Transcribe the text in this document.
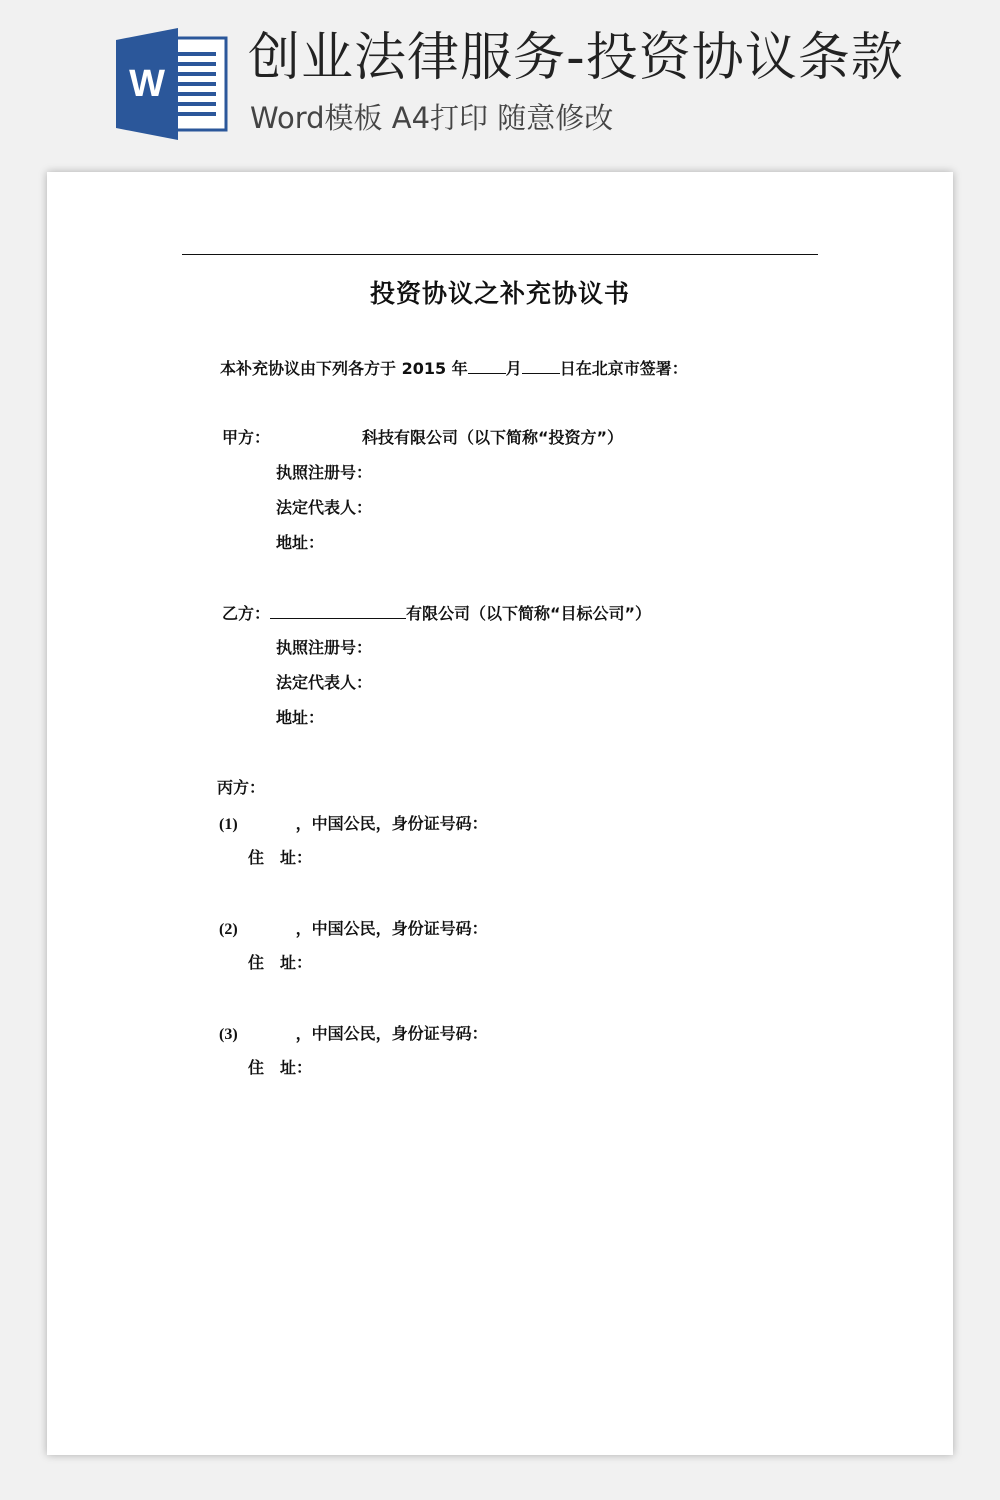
W 创业法律服务-投资协议条款
Word模板 A4打印 随意修改
投资协议之补充协议书
本补充协议由下列各方于 2015 年 月 日在北京市签署：
甲方：	科技有限公司（以下简称“投资方”）
执照注册号：
法定代表人：
地址：
乙方：	有限公司（以下简称“目标公司”）
执照注册号：
法定代表人：
地址：
丙方：
(1)	，中国公民，身份证号码：
住　址：
(2)	，中国公民，身份证号码：
住　址：
(3)	，中国公民，身份证号码：
住　址：
